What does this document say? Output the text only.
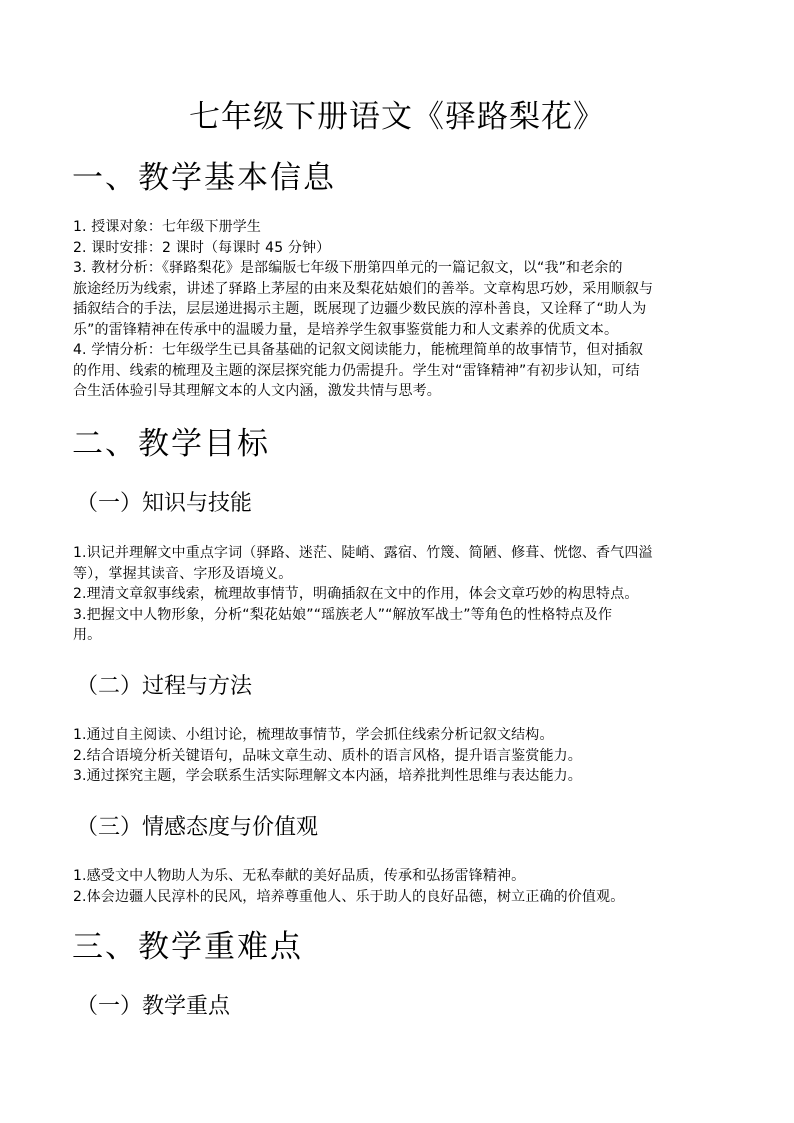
七年级下册语文《驿路梨花》
一、教学基本信息
1. 授课对象：七年级下册学生
2. 课时安排：2 课时（每课时 45 分钟）
3. 教材分析：《驿路梨花》是部编版七年级下册第四单元的一篇记叙文，以“我”和老余的
旅途经历为线索，讲述了驿路上茅屋的由来及梨花姑娘们的善举。文章构思巧妙，采用顺叙与
插叙结合的手法，层层递进揭示主题，既展现了边疆少数民族的淳朴善良，又诠释了“助人为
乐”的雷锋精神在传承中的温暖力量，是培养学生叙事鉴赏能力和人文素养的优质文本。
4. 学情分析：七年级学生已具备基础的记叙文阅读能力，能梳理简单的故事情节，但对插叙
的作用、线索的梳理及主题的深层探究能力仍需提升。学生对“雷锋精神”有初步认知，可结
合生活体验引导其理解文本的人文内涵，激发共情与思考。
二、教学目标
（一）知识与技能
1.识记并理解文中重点字词（驿路、迷茫、陡峭、露宿、竹篾、简陋、修葺、恍惚、香气四溢
等），掌握其读音、字形及语境义。
2.理清文章叙事线索，梳理故事情节，明确插叙在文中的作用，体会文章巧妙的构思特点。
3.把握文中人物形象，分析“梨花姑娘”“瑶族老人”“解放军战士”等角色的性格特点及作
用。
（二）过程与方法
1.通过自主阅读、小组讨论，梳理故事情节，学会抓住线索分析记叙文结构。
2.结合语境分析关键语句，品味文章生动、质朴的语言风格，提升语言鉴赏能力。
3.通过探究主题，学会联系生活实际理解文本内涵，培养批判性思维与表达能力。
（三）情感态度与价值观
1.感受文中人物助人为乐、无私奉献的美好品质，传承和弘扬雷锋精神。
2.体会边疆人民淳朴的民风，培养尊重他人、乐于助人的良好品德，树立正确的价值观。
三、教学重难点
（一）教学重点
